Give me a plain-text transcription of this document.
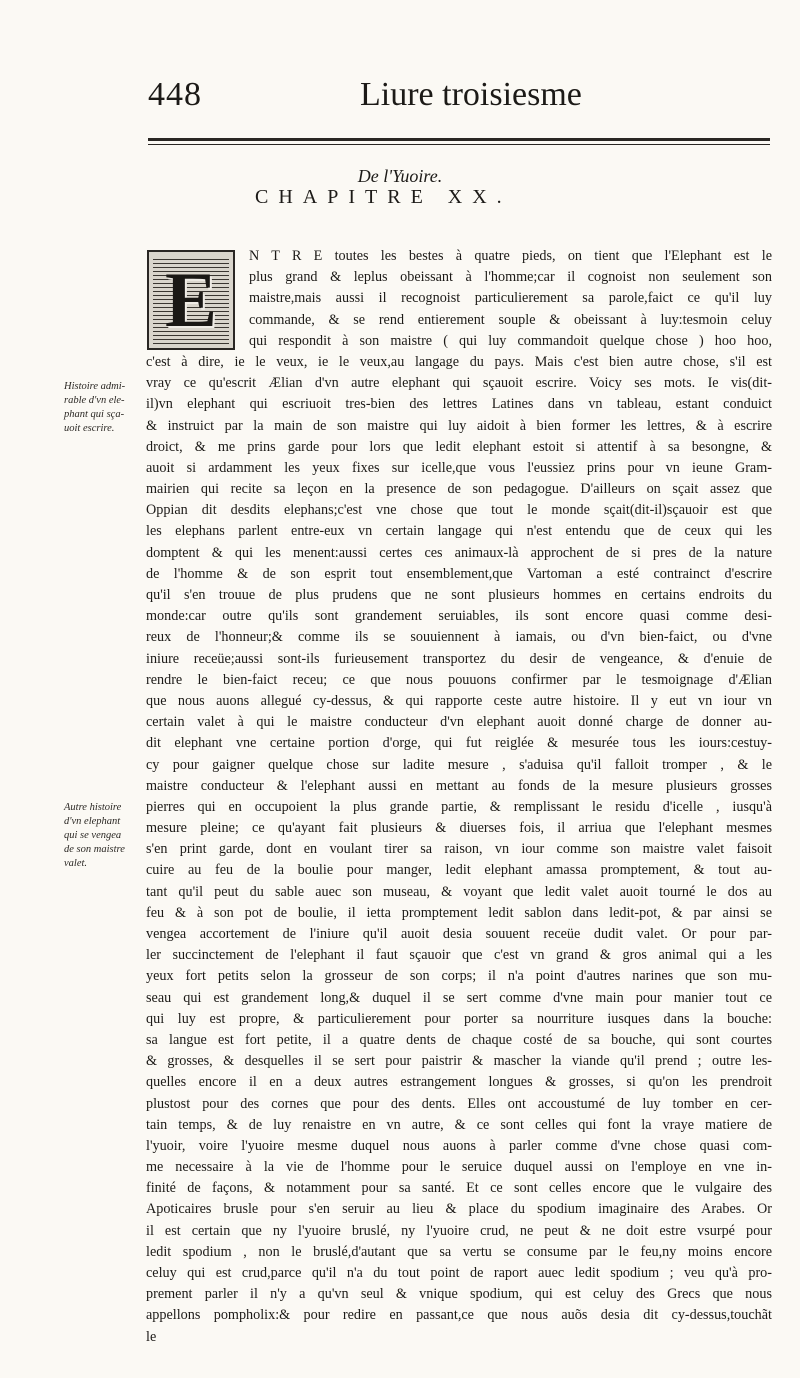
448	Liure troisiesme
De l'Yuoire.
CHAPITRE XX.
E	N T R E toutes les bestes à quatre pieds, on tient que l'Elephant est le
plus grand & leplus obeissant à l'homme;car il cognoist non seulement son
maistre,mais aussi il recognoist particulierement sa parole,faict ce qu'il luy
commande, & se rend entierement souple & obeissant à luy:tesmoin celuy
qui respondit à son maistre ( qui luy commandoit quelque chose ) hoo hoo,
c'est à dire, ie le veux, ie le veux,au langage du pays. Mais c'est bien autre chose, s'il est
vray ce qu'escrit Ælian d'vn autre elephant qui sçauoit escrire. Voicy ses mots. Ie vis(dit-
il)vn elephant qui escriuoit tres-bien des lettres Latines dans vn tableau, estant conduict
& instruict par la main de son maistre qui luy aidoit à bien former les lettres, & à escrire
droict, & me prins garde pour lors que ledit elephant estoit si attentif à sa besongne, &
auoit si ardamment les yeux fixes sur icelle,que vous l'eussiez prins pour vn ieune Gram-
mairien qui recite sa leçon en la presence de son pedagogue. D'ailleurs on sçait assez que
Oppian dit desdits elephans;c'est vne chose que tout le monde sçait(dit-il)sçauoir est que
les elephans parlent entre-eux vn certain langage qui n'est entendu que de ceux qui les
domptent & qui les menent:aussi certes ces animaux-là approchent de si pres de la nature
de l'homme & de son esprit tout ensemblement,que Vartoman a esté contrainct d'escrire
qu'il s'en trouue de plus prudens que ne sont plusieurs hommes en certains endroits du
monde:car outre qu'ils sont grandement seruiables, ils sont encore quasi comme desi-
reux de l'honneur;& comme ils se souuiennent à iamais, ou d'vn bien-faict, ou d'vne
iniure receüe;aussi sont-ils furieusement transportez du desir de vengeance, & d'enuie de
rendre le bien-faict receu; ce que nous pouuons confirmer par le tesmoignage d'Ælian
que nous auons allegué cy-dessus, & qui rapporte ceste autre histoire. Il y eut vn iour vn
certain valet à qui le maistre conducteur d'vn elephant auoit donné charge de donner au-
dit elephant vne certaine portion d'orge, qui fut reiglée & mesurée tous les iours:cestuy-
cy pour gaigner quelque chose sur ladite mesure , s'aduisa qu'il falloit tromper , & le
maistre conducteur & l'elephant aussi en mettant au fonds de la mesure plusieurs grosses
pierres qui en occupoient la plus grande partie, & remplissant le residu d'icelle , iusqu'à
mesure pleine; ce qu'ayant fait plusieurs & diuerses fois, il arriua que l'elephant mesmes
s'en print garde, dont en voulant tirer sa raison, vn iour comme son maistre valet faisoit
cuire au feu de la boulie pour manger, ledit elephant amassa promptement, & tout au-
tant qu'il peut du sable auec son museau, & voyant que ledit valet auoit tourné le dos au
feu & à son pot de boulie, il ietta promptement ledit sablon dans ledit-pot, & par ainsi se
vengea accortement de l'iniure qu'il auoit desia souuent receüe dudit valet. Or pour par-
ler succinctement de l'elephant il faut sçauoir que c'est vn grand & gros animal qui a les
yeux fort petits selon la grosseur de son corps; il n'a point d'autres narines que son mu-
seau qui est grandement long,& duquel il se sert comme d'vne main pour manier tout ce
qui luy est propre, & particulierement pour porter sa nourriture iusques dans la bouche:
sa langue est fort petite, il a quatre dents de chaque costé de sa bouche, qui sont courtes
& grosses, & desquelles il se sert pour paistrir & mascher la viande qu'il prend ; outre les-
quelles encore il en a deux autres estrangement longues & grosses, si qu'on les prendroit
plustost pour des cornes que pour des dents. Elles ont accoustumé de luy tomber en cer-
tain temps, & de luy renaistre en vn autre, & ce sont celles qui font la vraye matiere de
l'yuoir, voire l'yuoire mesme duquel nous auons à parler comme d'vne chose quasi com-
me necessaire à la vie de l'homme pour le seruice duquel aussi on l'employe en vne in-
finité de façons, & notamment pour sa santé. Et ce sont celles encore que le vulgaire des
Apoticaires brusle pour s'en seruir au lieu & place du spodium imaginaire des Arabes. Or
il est certain que ny l'yuoire bruslé, ny l'yuoire crud, ne peut & ne doit estre vsurpé pour
ledit spodium , non le bruslé,d'autant que sa vertu se consume par le feu,ny moins encore
celuy qui est crud,parce qu'il n'a du tout point de raport auec ledit spodium ; veu qu'à pro-
prement parler il n'y a qu'vn seul & vnique spodium, qui est celuy des Grecs que nous
appellons pompholix:& pour redire en passant,ce que nous auõs desia dit cy-dessus,touchãt
le
Histoire admi-
rable d'vn ele-
phant qui sça-
uoit escrire.
Autre histoire
d'vn elephant
qui se vengea
de son maistre
valet.
